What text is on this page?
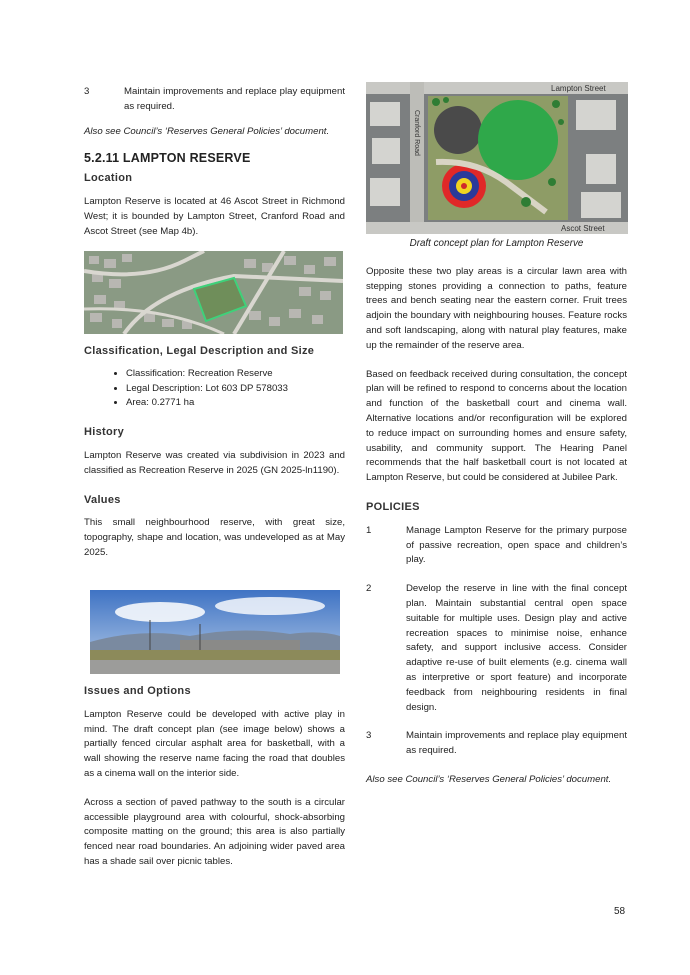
3	Maintain improvements and replace play equipment as required.

Also see Council’s ‘Reserves General Policies’ document.

5.2.11 LAMPTON RESERVE
Location

Lampton Reserve is located at 46 Ascot Street in Richmond West; it is bounded by Lampton Street, Cranford Road and Ascot Street (see Map 4b).

Classification, Legal Description and Size
• Classification: Recreation Reserve
• Legal Description: Lot 603 DP 578033
• Area: 0.2771 ha
History

Lampton Reserve was created via subdivision in 2023 and classified as Recreation Reserve in 2025 (GN 2025-ln1190).

Values

This small neighbourhood reserve, with great size, topography, shape and location, was undeveloped as at May 2025.

Issues and Options

Lampton Reserve could be developed with active play in mind. The draft concept plan (see image below) shows a partially fenced circular asphalt area for basketball, with a wall showing the reserve name facing the road that doubles as a cinema wall on the interior side.

Across a section of paved pathway to the south is a circular accessible playground area with colourful, shock-absorbing composite matting on the ground; this area is also partially fenced near road boundaries. An adjoining wider paved area has a shade sail over picnic tables.

Lampton Street
Ascot Street
Cranford Road

Draft concept plan for Lampton Reserve

Opposite these two play areas is a circular lawn area with stepping stones providing a connection to paths, feature trees and bench seating near the eastern corner. Fruit trees adjoin the boundary with neighbouring houses. Feature rocks and soft landscaping, along with natural play features, make up the remainder of the reserve area.

Based on feedback received during consultation, the concept plan will be refined to respond to concerns about the location and function of the basketball court and cinema wall. Alternative locations and/or reconfiguration will be explored to reduce impact on surrounding homes and ensure safety, usability, and community support. The Hearing Panel recommends that the half basketball court is not located at Lampton Reserve, but could be considered at Jubilee Park.

POLICIES
1	Manage Lampton Reserve for the primary purpose of passive recreation, open space and children’s play.
2	Develop the reserve in line with the final concept plan. Maintain substantial central open space suitable for multiple uses. Design play and active recreation spaces to minimise noise, enhance safety, and support inclusive access. Consider adaptive re-use of built elements (e.g. cinema wall as interpretive or sport feature) and incorporate feedback from neighbouring residents in final design.
3	Maintain improvements and replace play equipment as required.

Also see Council’s ‘Reserves General Policies’ document.

58
